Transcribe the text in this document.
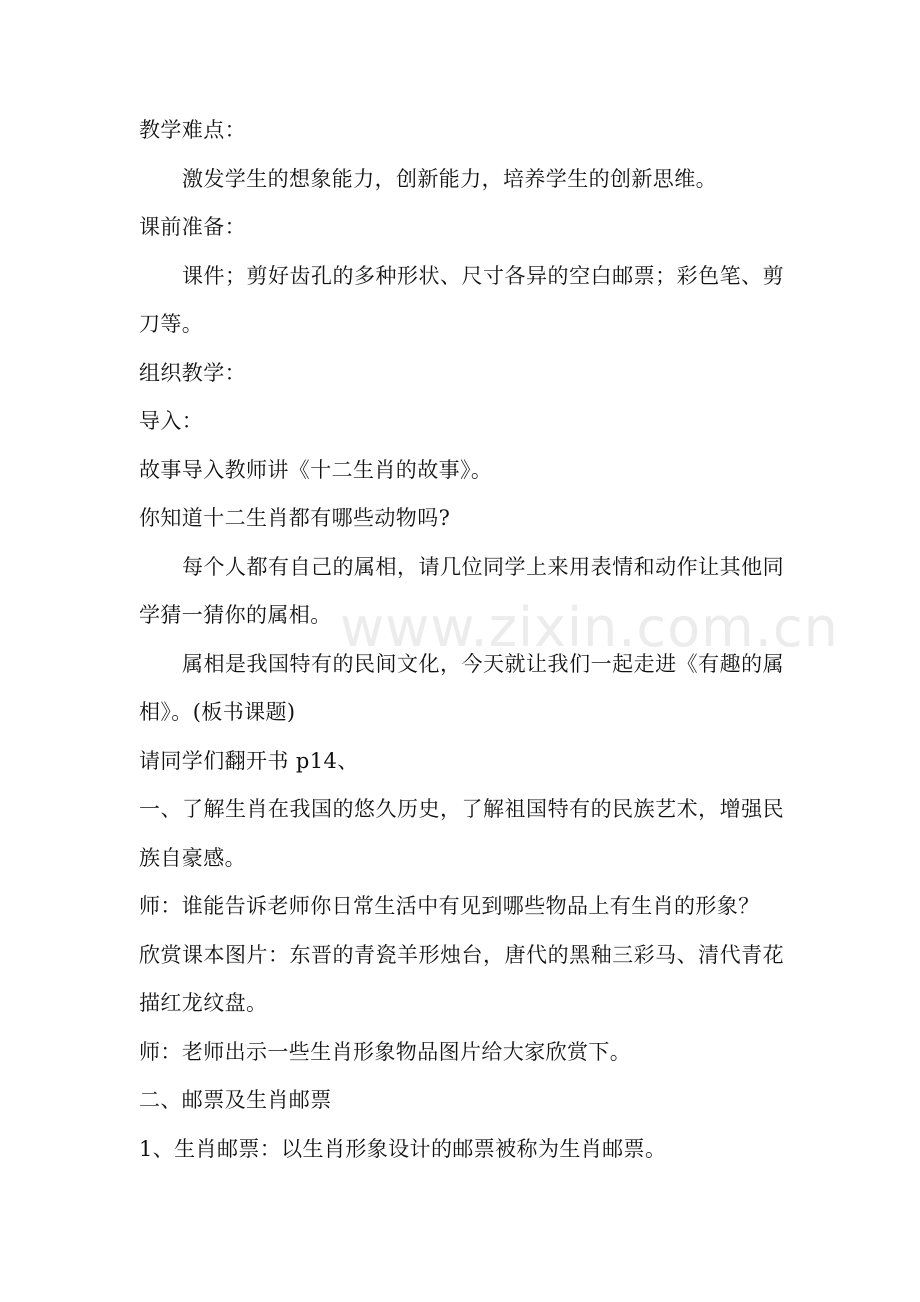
教学难点：
激发学生的想象能力，创新能力，培养学生的创新思维。
课前准备：
课件；剪好齿孔的多种形状、尺寸各异的空白邮票；彩色笔、剪
刀等。
组织教学：
导入：
故事导入教师讲《十二生肖的故事》。
你知道十二生肖都有哪些动物吗?
每个人都有自己的属相，请几位同学上来用表情和动作让其他同
学猜一猜你的属相。
属相是我国特有的民间文化，今天就让我们一起走进《有趣的属
相》。(板书课题)
请同学们翻开书 p14、
一、了解生肖在我国的悠久历史，了解祖国特有的民族艺术，增强民
族自豪感。
师：谁能告诉老师你日常生活中有见到哪些物品上有生肖的形象？
欣赏课本图片：东晋的青瓷羊形烛台，唐代的黑釉三彩马、清代青花
描红龙纹盘。
师：老师出示一些生肖形象物品图片给大家欣赏下。
二、邮票及生肖邮票
1、生肖邮票：以生肖形象设计的邮票被称为生肖邮票。
www.zixin.com.cn
